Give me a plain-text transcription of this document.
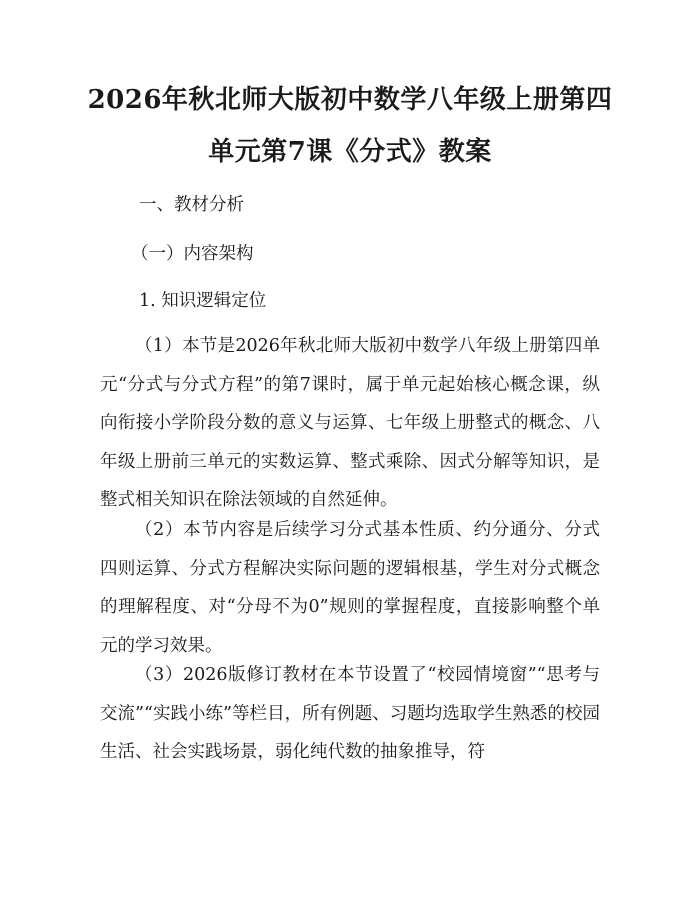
2026年秋北师大版初中数学八年级上册第四
单元第7课《分式》教案
一、教材分析
（一）内容架构
1. 知识逻辑定位

（1）本节是2026年秋北师大版初中数学八年级上册第四单元“分式与分式方程”的第7课时，属于单元起始核心概念课，纵向衔接小学阶段分数的意义与运算、七年级上册整式的概念、八年级上册前三单元的实数运算、整式乘除、因式分解等知识，是整式相关知识在除法领域的自然延伸。

（2）本节内容是后续学习分式基本性质、约分通分、分式四则运算、分式方程解决实际问题的逻辑根基，学生对分式概念的理解程度、对“分母不为0”规则的掌握程度，直接影响整个单元的学习效果。

（3）2026版修订教材在本节设置了“校园情境窗”“思考与交流”“实践小练”等栏目，所有例题、习题均选取学生熟悉的校园生活、社会实践场景，弱化纯代数的抽象推导，符
